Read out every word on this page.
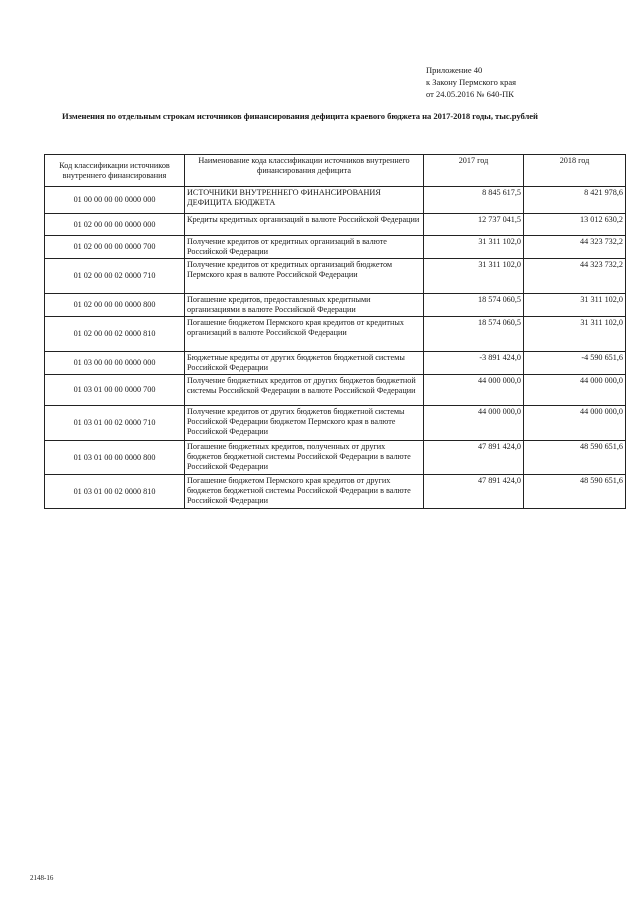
Приложение 40
к Закону Пермского края
от 24.05.2016 № 640-ПК
Изменения по отдельным строкам источников финансирования дефицита краевого бюджета на 2017-2018 годы, тыс.рублей
Код классификации источников внутреннего финансирования	Наименование кода классификации источников внутреннего финансирования дефицита	2017 год	2018 год
01 00 00 00 00 0000 000	ИСТОЧНИКИ ВНУТРЕННЕГО ФИНАНСИРОВАНИЯ ДЕФИЦИТА БЮДЖЕТА	8 845 617,5	8 421 978,6
01 02 00 00 00 0000 000	Кредиты кредитных организаций в валюте Российской Федерации	12 737 041,5	13 012 630,2
01 02 00 00 00 0000 700	Получение кредитов от кредитных организаций в валюте Российской Федерации	31 311 102,0	44 323 732,2
01 02 00 00 02 0000 710	Получение кредитов от кредитных организаций бюджетом Пермского края в валюте Российской Федерации	31 311 102,0	44 323 732,2
01 02 00 00 00 0000 800	Погашение кредитов, предоставленных кредитными организациями в валюте Российской Федерации	18 574 060,5	31 311 102,0
01 02 00 00 02 0000 810	Погашение бюджетом Пермского края кредитов от кредитных организаций в валюте Российской Федерации	18 574 060,5	31 311 102,0
01 03 00 00 00 0000 000	Бюджетные кредиты от других бюджетов бюджетной системы Российской Федерации	-3 891 424,0	-4 590 651,6
01 03 01 00 00 0000 700	Получение бюджетных кредитов от других бюджетов бюджетной системы Российской Федерации в валюте Российской Федерации	44 000 000,0	44 000 000,0
01 03 01 00 02 0000 710	Получение кредитов от других бюджетов бюджетной системы Российской Федерации бюджетом Пермского края в валюте Российской Федерации	44 000 000,0	44 000 000,0
01 03 01 00 00 0000 800	Погашение бюджетных кредитов, полученных от других бюджетов бюджетной системы Российской Федерации в валюте Российской Федерации	47 891 424,0	48 590 651,6
01 03 01 00 02 0000 810	Погашение бюджетом Пермского края кредитов от других бюджетов бюджетной системы Российской Федерации в валюте Российской Федерации	47 891 424,0	48 590 651,6
2148-16
